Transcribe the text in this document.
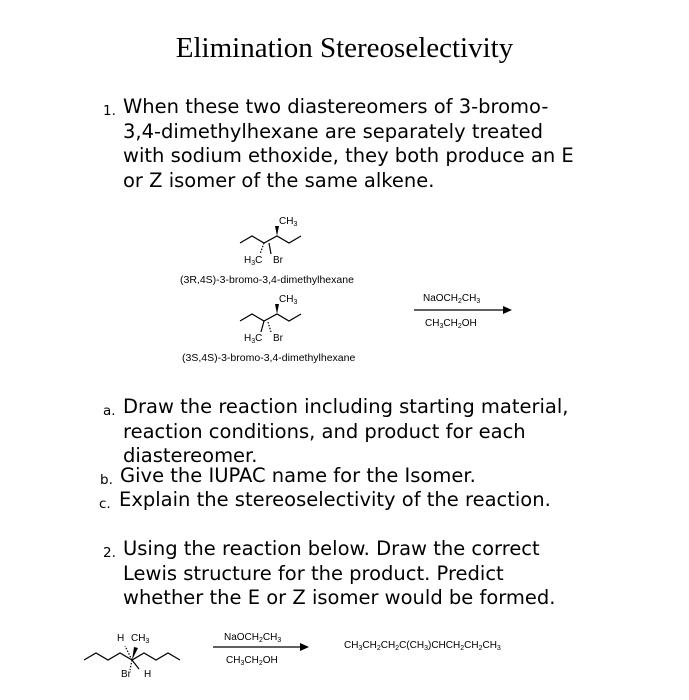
Elimination Stereoselectivity
1. When these two diastereomers of 3-bromo-
3,4-dimethylhexane are separately treated
with sodium ethoxide, they both produce an E
or Z isomer of the same alkene.
$CH_3$
$H_3C$ Br
(3R,4S)-3-bromo-3,4-dimethylhexane
$CH_3$
$H_3C$ Br
(3S,4S)-3-bromo-3,4-dimethylhexane
$NaOCH_2CH_3$
$CH_3CH_2OH$
a. Draw the reaction including starting material,
reaction conditions, and product for each
diastereomer.
b. Give the IUPAC name for the Isomer.
c. Explain the stereoselectivity of the reaction.
2. Using the reaction below. Draw the correct
Lewis structure for the product. Predict
whether the E or Z isomer would be formed.
H $CH_3$
Br H
$NaOCH_2CH_3$
$CH_3CH_2OH$
$CH_3CH_2CH_2C(CH_3)CHCH_2CH_2CH_3$
